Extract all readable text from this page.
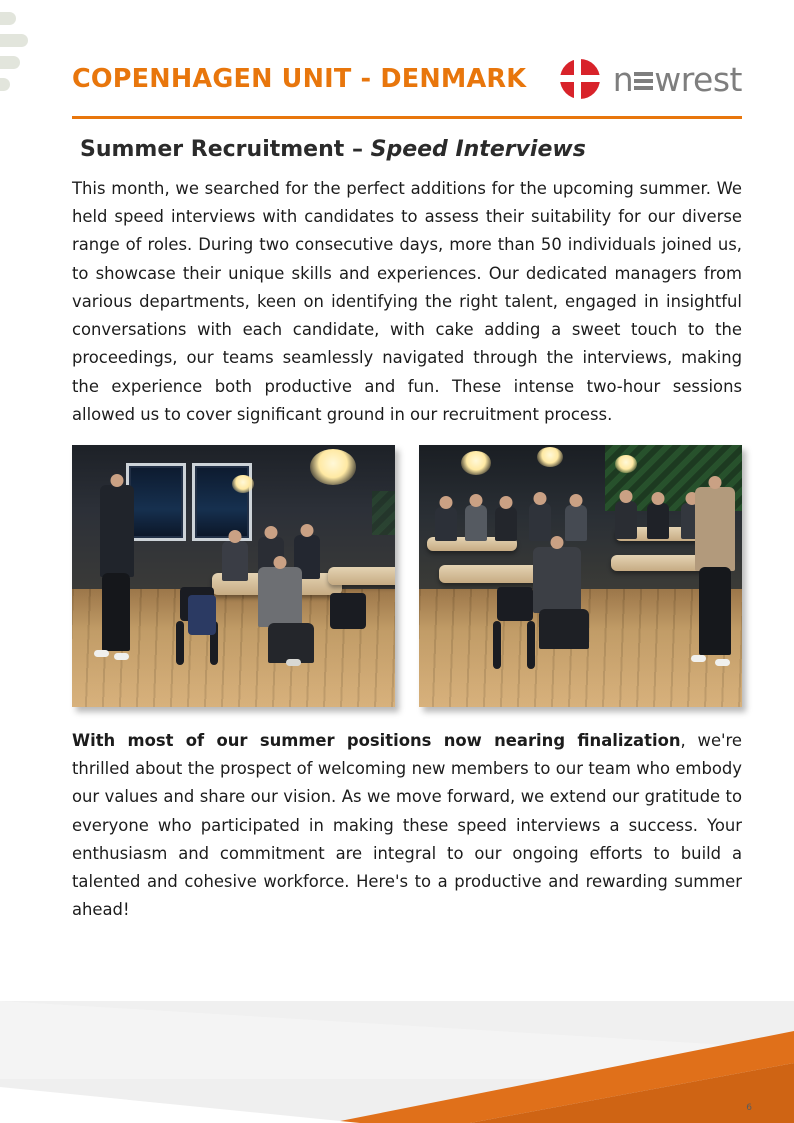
COPENHAGEN UNIT - DENMARK	n wrest
Summer Recruitment – Speed Interviews
This month, we searched for the perfect additions for the upcoming summer. We held speed interviews with candidates to assess their suitability for our diverse range of roles. During two consecutive days, more than 50 individuals joined us, to showcase their unique skills and experiences. Our dedicated managers from various departments, keen on identifying the right talent, engaged in insightful conversations with each candidate, with cake adding a sweet touch to the proceedings, our teams seamlessly navigated through the interviews, making the experience both productive and fun. These intense two-hour sessions allowed us to cover significant ground in our recruitment process.
With most of our summer positions now nearing finalization, we're thrilled about the prospect of welcoming new members to our team who embody our values and share our vision. As we move forward, we extend our gratitude to everyone who participated in making these speed interviews a success. Your enthusiasm and commitment are integral to our ongoing efforts to build a talented and cohesive workforce. Here's to a productive and rewarding summer ahead!
6
